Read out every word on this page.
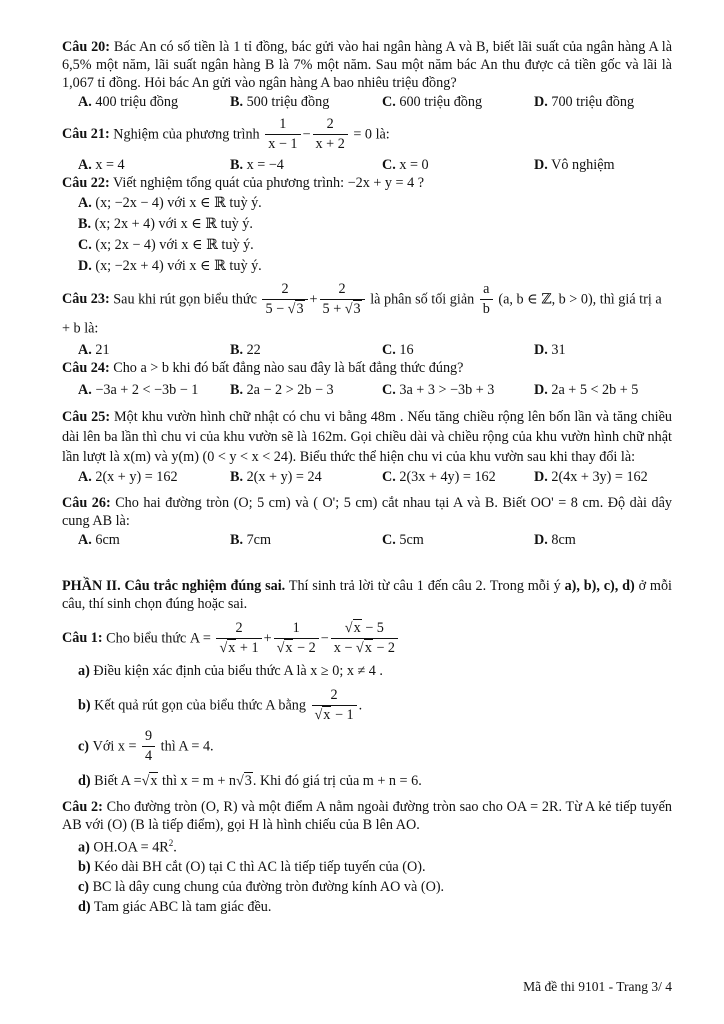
Câu 20: Bác An có số tiền là 1 tỉ đồng, bác gửi vào hai ngân hàng A và B, biết lãi suất của ngân hàng A là 6,5% một năm, lãi suất ngân hàng B là 7% một năm. Sau một năm bác An thu được cả tiền gốc và lãi là 1,067 tỉ đồng. Hỏi bác An gửi vào ngân hàng A bao nhiêu triệu đồng?

A. 400 triệu đồng	B. 500 triệu đồng	C. 600 triệu đồng	D. 700 triệu đồng

Câu 21: Nghiệm của phương trình $\frac{1}{x - 1} - \frac{2}{x + 2} = 0$ là:

A. x = 4	B. x = −4	C. x = 0	D. Vô nghiệm

Câu 22: Viết nghiệm tổng quát của phương trình: −2x + y = 4 ?

A. (x; −2x − 4) với x ∈ ℝ tuỳ ý.
B. (x; 2x + 4) với x ∈ ℝ tuỳ ý.
C. (x; 2x − 4) với x ∈ ℝ tuỳ ý.
D. (x; −2x + 4) với x ∈ ℝ tuỳ ý.

Câu 23: Sau khi rút gọn biểu thức $\frac{2}{5 - √3} + \frac{2}{5 + √3}$ là phân số tối giản $\frac{a}{b} (a$, b ∈ ℤ, b > 0), thì giá trị a + b là:

A. 21	B. 22	C. 16	D. 31

Câu 24: Cho a > b khi đó bất đẳng nào sau đây là bất đẳng thức đúng?

A. −3a + 2 < −3b − 1	B. 2a − 2 > 2b − 3	C. 3a + 3 > −3b + 3	D. 2a + 5 < 2b + 5

Câu 25: Một khu vườn hình chữ nhật có chu vi bằng 48m . Nếu tăng chiều rộng lên bốn lần và tăng chiều dài lên ba lần thì chu vi của khu vườn sẽ là 162m. Gọi chiều dài và chiều rộng của khu vườn hình chữ nhật lần lượt là x(m) và y(m) (0 < y < x < 24). Biểu thức thể hiện chu vi của khu vườn sau khi thay đổi là:

A. 2(x + y) = 162	B. 2(x + y) = 24	C. 2(3x + 4y) = 162	D. 2(4x + 3y) = 162

Câu 26: Cho hai đường tròn (O; 5 cm) và ( O'; 5 cm) cắt nhau tại A và B. Biết OO' = 8 cm. Độ dài dây cung AB là:

A. 6cm	B. 7cm	C. 5cm	D. 8cm

PHẦN II. Câu trắc nghiệm đúng sai. Thí sinh trả lời từ câu 1 đến câu 2. Trong mỗi ý a), b), c), d) ở mỗi câu, thí sinh chọn đúng hoặc sai.

Câu 1: Cho biểu thức $A = \frac{2}{√x + 1} + \frac{1}{√x - 2} - \frac{√x - 5}{x - √x - 2}$

a) Điều kiện xác định của biểu thức A là x ≥ 0; x ≠ 4 .

b) Kết quả rút gọn của biểu thức A bằng $\frac{2}{√x - 1}$ .

c) Với $x = \frac{9}{4}$ thì A = 4.

d) Biết A =√x thì x = m + n√3. Khi đó giá trị của m + n = 6.

Câu 2: Cho đường tròn (O, R) và một điểm A nằm ngoài đường tròn sao cho OA = 2R. Từ A kẻ tiếp tuyến AB với (O) (B là tiếp điểm), gọi H là hình chiếu của B lên AO.

a) $OH.OA = 4R^2$.

b) Kéo dài BH cắt (O) tại C thì AC là tiếp tiếp tuyến của (O).

c) BC là dây cung chung của đường tròn đường kính AO và (O).

d) Tam giác ABC là tam giác đều.

Mã đề thi 9101 - Trang 3/ 4
